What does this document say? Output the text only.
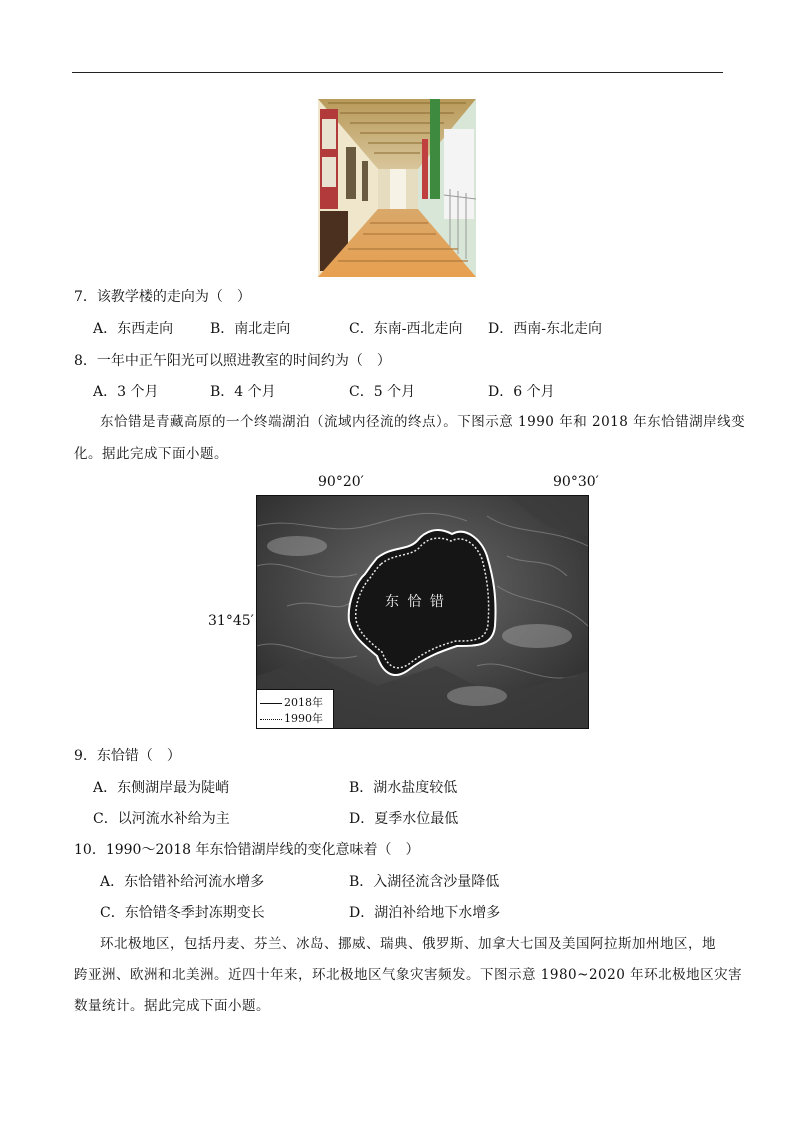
7．该教学楼的走向为（　）
A．东西走向	B．南北走向	C．东南-西北走向 D．西南-东北走向
8．一年中正午阳光可以照进教室的时间约为（　）
A．3 个月	B．4 个月	C．5 个月	D．6 个月
东恰错是青藏高原的一个终端湖泊（流域内径流的终点）。下图示意 1990 年和 2018 年东恰错湖岸线变
化。据此完成下面小题。
90°20′	90°30′
31°45′
东 恰 错
2018年
1990年
9．东恰错（　）
A．东侧湖岸最为陡峭	B．湖水盐度较低
C．以河流水补给为主	D．夏季水位最低
10．1990～2018 年东恰错湖岸线的变化意味着（　）
A．东恰错补给河流水增多	B．入湖径流含沙量降低
C．东恰错冬季封冻期变长	D．湖泊补给地下水增多
环北极地区，包括丹麦、芬兰、冰岛、挪威、瑞典、俄罗斯、加拿大七国及美国阿拉斯加州地区，地
跨亚洲、欧洲和北美洲。近四十年来，环北极地区气象灾害频发。下图示意 1980~2020 年环北极地区灾害
数量统计。据此完成下面小题。
